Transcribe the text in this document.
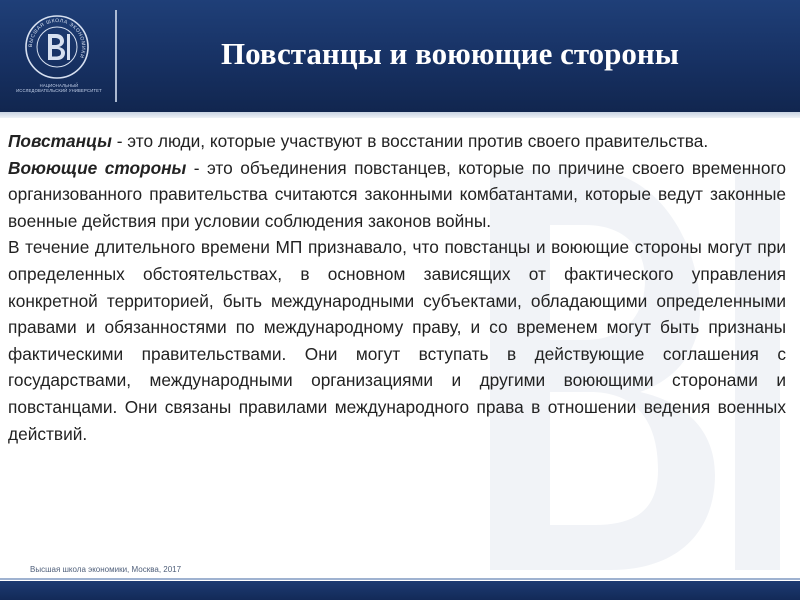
ВЫСШАЯ ШКОЛА ЭКОНОМИКИ
НАЦИОНАЛЬНЫЙ ИССЛЕДОВАТЕЛЬСКИЙ УНИВЕРСИТЕТ
Повстанцы и воюющие стороны

Повстанцы - это люди, которые участвуют в восстании против своего правительства.

Воюющие стороны - это объединения повстанцев, которые по причине своего временного организованного правительства считаются законными комбатантами, которые ведут законные военные действия при условии соблюдения законов войны.

В течение длительного времени МП признавало, что повстанцы и воюющие стороны могут при определенных обстоятельствах, в основном зависящих от фактического управления конкретной территорией, быть международными субъектами, обладающими определенными правами и обязанностями по международному праву, и со временем могут быть признаны фактическими правительствами. Они могут вступать в действующие соглашения с государствами, международными организациями и другими воюющими сторонами и повстанцами. Они связаны правилами международного права в отношении ведения военных действий.

Высшая школа экономики, Москва, 2017
